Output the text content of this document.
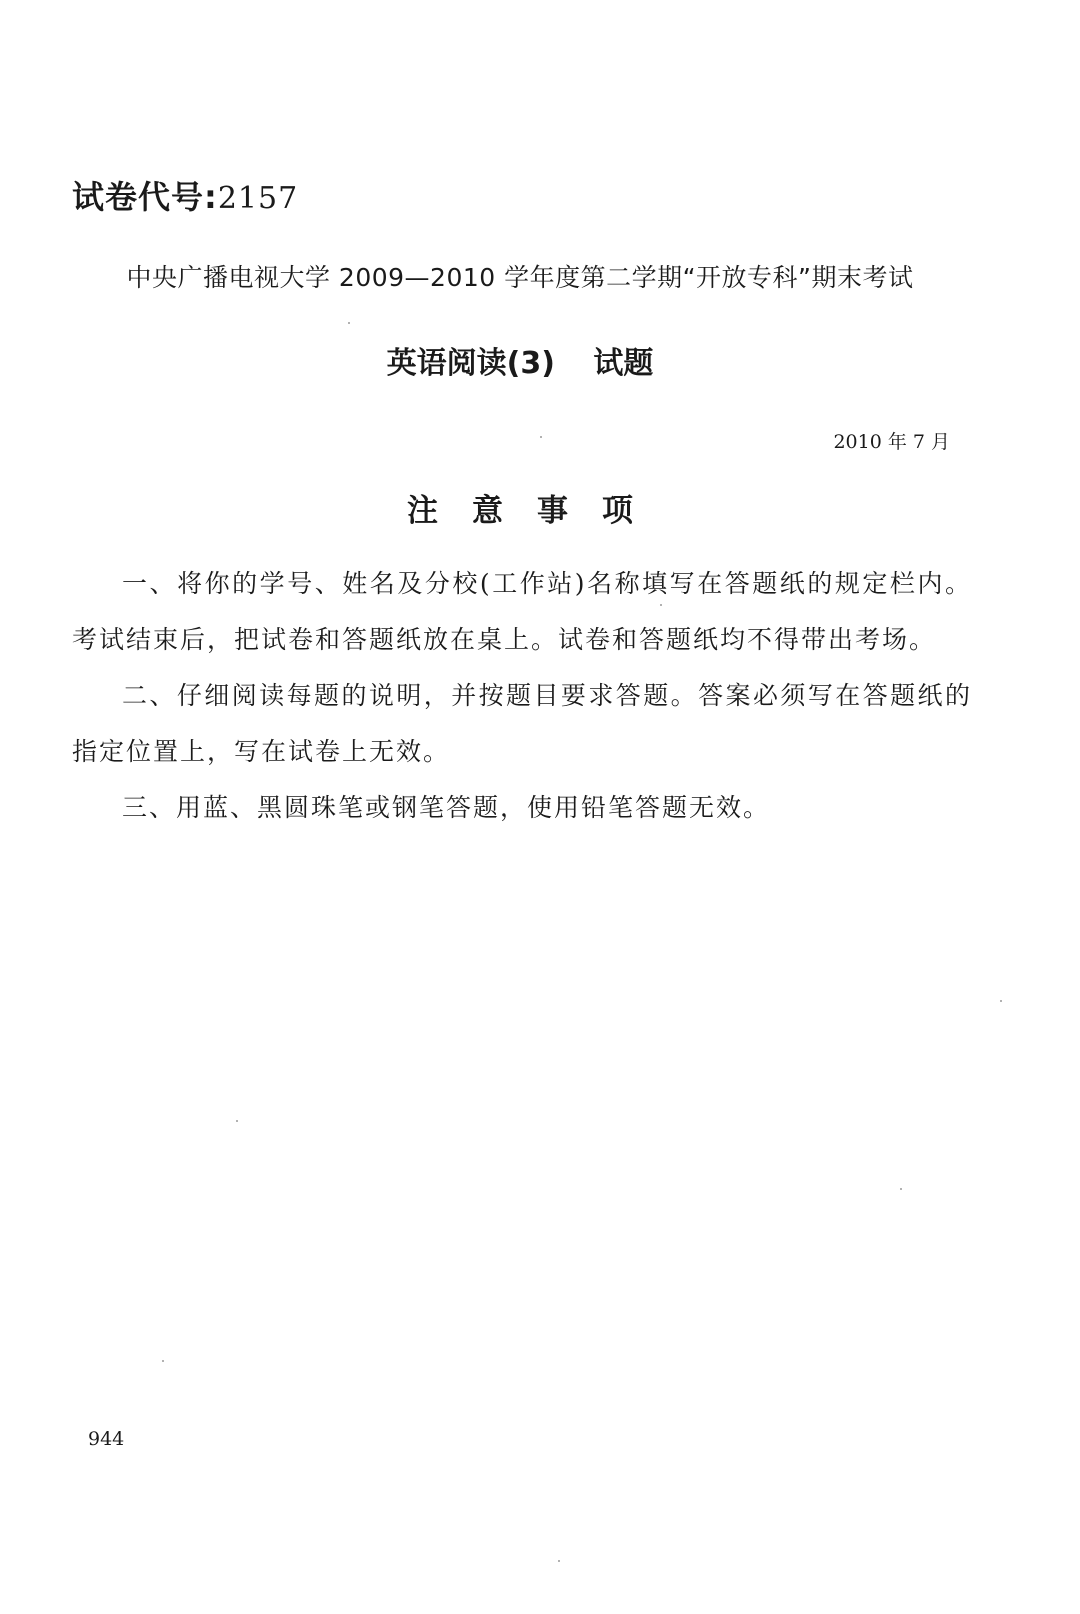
试卷代号:2157
中央广播电视大学 2009—2010 学年度第二学期“开放专科”期末考试
英语阅读(3) 试题
2010 年 7 月
注意事项

一、将你的学号、姓名及分校(工作站)名称填写在答题纸的规定栏内。考试结束后，把试卷和答题纸放在桌上。试卷和答题纸均不得带出考场。

二、仔细阅读每题的说明，并按题目要求答题。答案必须写在答题纸的指定位置上，写在试卷上无效。

三、用蓝、黑圆珠笔或钢笔答题，使用铅笔答题无效。

944
